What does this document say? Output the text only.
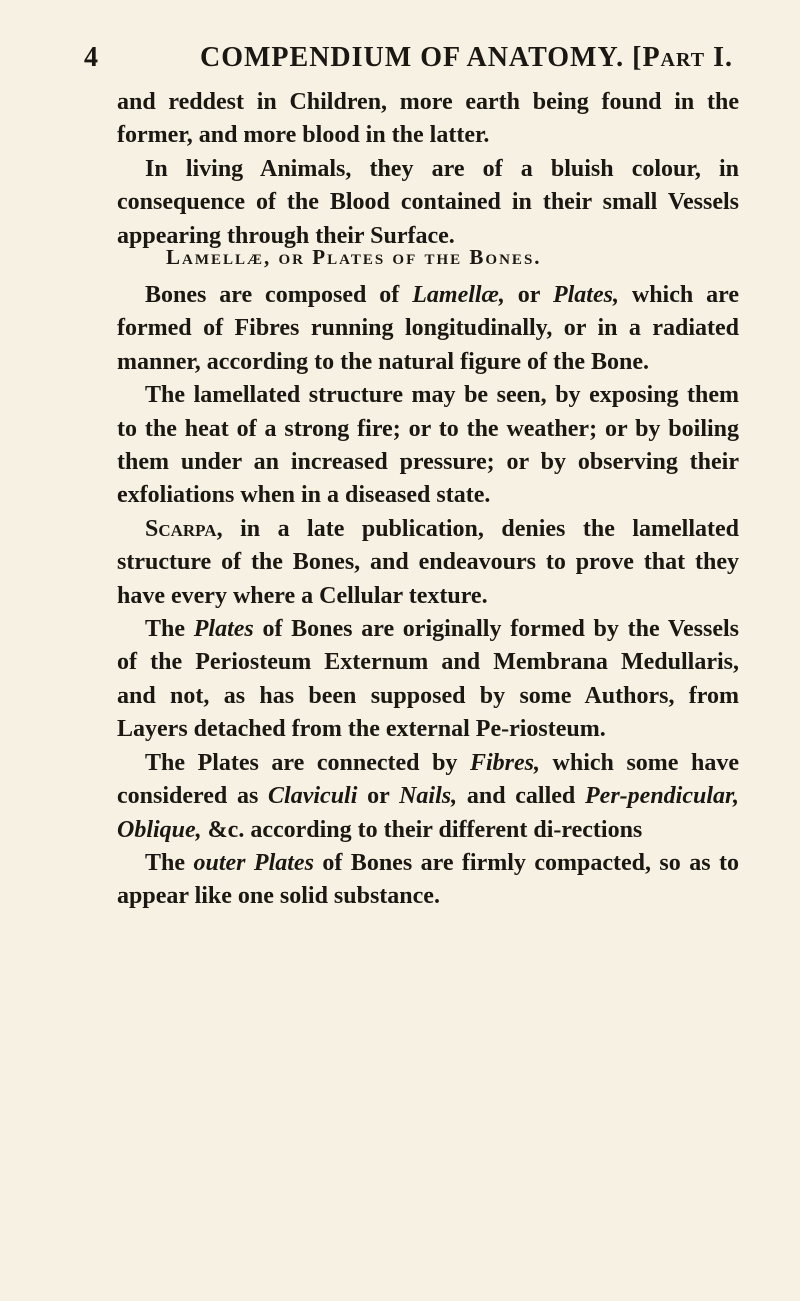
4	COMPENDIUM OF ANATOMY. [Part I.

and reddest in Children, more earth being found in the former, and more blood in the latter.

In living Animals, they are of a bluish colour, in consequence of the Blood contained in their small Vessels appearing through their Surface.

Lamellæ, or Plates of the Bones.

Bones are composed of Lamellæ, or Plates, which are formed of Fibres running longitudinally, or in a radiated manner, according to the natural figure of the Bone.

The lamellated structure may be seen, by exposing them to the heat of a strong fire; or to the weather; or by boiling them under an increased pressure; or by observing their exfoliations when in a diseased state.

Scarpa, in a late publication, denies the lamellated structure of the Bones, and endeavours to prove that they have every where a Cellular texture.

The Plates of Bones are originally formed by the Vessels of the Periosteum Externum and Membrana Medullaris, and not, as has been supposed by some Authors, from Layers detached from the external Pe-riosteum.

The Plates are connected by Fibres, which some have considered as Claviculi or Nails, and called Per-pendicular, Oblique, &c. according to their different di-rections

The outer Plates of Bones are firmly compacted, so as to appear like one solid substance.
